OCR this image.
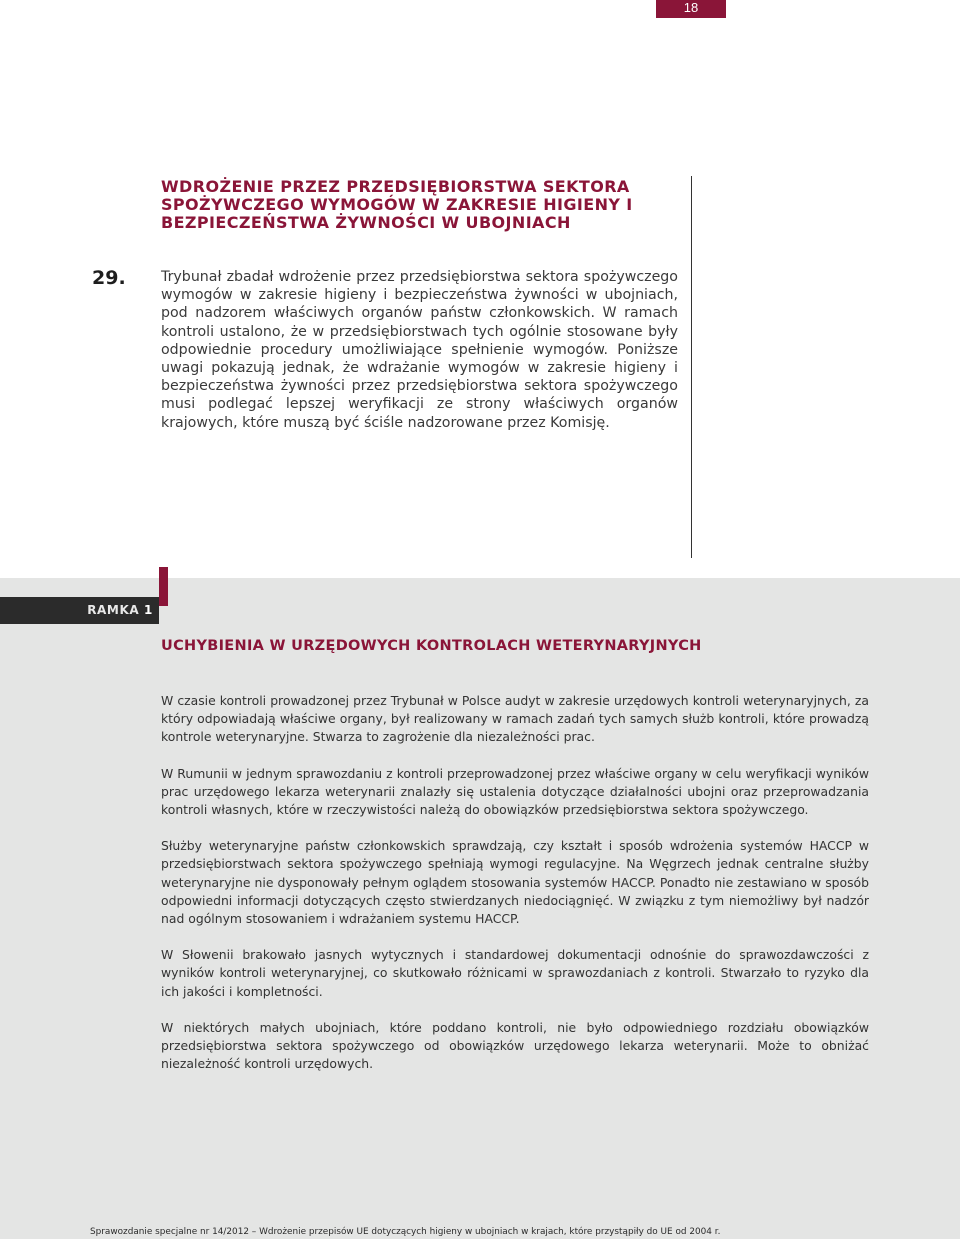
18
WDROŻENIE PRZEZ PRZEDSIĘBIORSTWA SEKTORA SPOŻYWCZEGO WYMOGÓW W ZAKRESIE HIGIENY I BEZPIECZEŃSTWA ŻYWNOŚCI W UBOJNIACH
29. Trybunał zbadał wdrożenie przez przedsiębiorstwa sektora spożywczego wymogów w zakresie higieny i bezpieczeństwa żywności w ubojniach, pod nadzorem właściwych organów państw członkowskich. W ramach kontroli ustalono, że w przedsiębiorstwach tych ogólnie stosowane były odpowiednie procedury umożliwiające spełnienie wymogów. Poniższe uwagi pokazują jednak, że wdrażanie wymogów w zakresie higieny i bezpieczeństwa żywności przez przedsiębiorstwa sektora spożywczego musi podlegać lepszej weryfikacji ze strony właściwych organów krajowych, które muszą być ściśle nadzorowane przez Komisję.

RAMKA 1

UCHYBIENIA W URZĘDOWYCH KONTROLACH WETERYNARYJNYCH

W czasie kontroli prowadzonej przez Trybunał w Polsce audyt w zakresie urzędowych kontroli weterynaryjnych, za który odpowiadają właściwe organy, był realizowany w ramach zadań tych samych służb kontroli, które prowadzą kontrole weterynaryjne. Stwarza to zagrożenie dla niezależności prac.

W Rumunii w jednym sprawozdaniu z kontroli przeprowadzonej przez właściwe organy w celu weryfikacji wyników prac urzędowego lekarza weterynarii znalazły się ustalenia dotyczące działalności ubojni oraz przeprowadzania kontroli własnych, które w rzeczywistości należą do obowiązków przedsiębiorstwa sektora spożywczego.

Służby weterynaryjne państw członkowskich sprawdzają, czy kształt i sposób wdrożenia systemów HACCP w przedsiębiorstwach sektora spożywczego spełniają wymogi regulacyjne. Na Węgrzech jednak centralne służby weterynaryjne nie dysponowały pełnym oglądem stosowania systemów HACCP. Ponadto nie zestawiano w sposób odpowiedni informacji dotyczących często stwierdzanych niedociągnięć. W związku z tym niemożliwy był nadzór nad ogólnym stosowaniem i wdrażaniem systemu HACCP.

W Słowenii brakowało jasnych wytycznych i standardowej dokumentacji odnośnie do sprawozdawczości z wyników kontroli weterynaryjnej, co skutkowało różnicami w sprawozdaniach z kontroli. Stwarzało to ryzyko dla ich jakości i kompletności.

W niektórych małych ubojniach, które poddano kontroli, nie było odpowiedniego rozdziału obowiązków przedsiębiorstwa sektora spożywczego od obowiązków urzędowego lekarza weterynarii. Może to obniżać niezależność kontroli urzędowych.

Sprawozdanie specjalne nr 14/2012 – Wdrożenie przepisów UE dotyczących higieny w ubojniach w krajach, które przystąpiły do UE od 2004 r.
